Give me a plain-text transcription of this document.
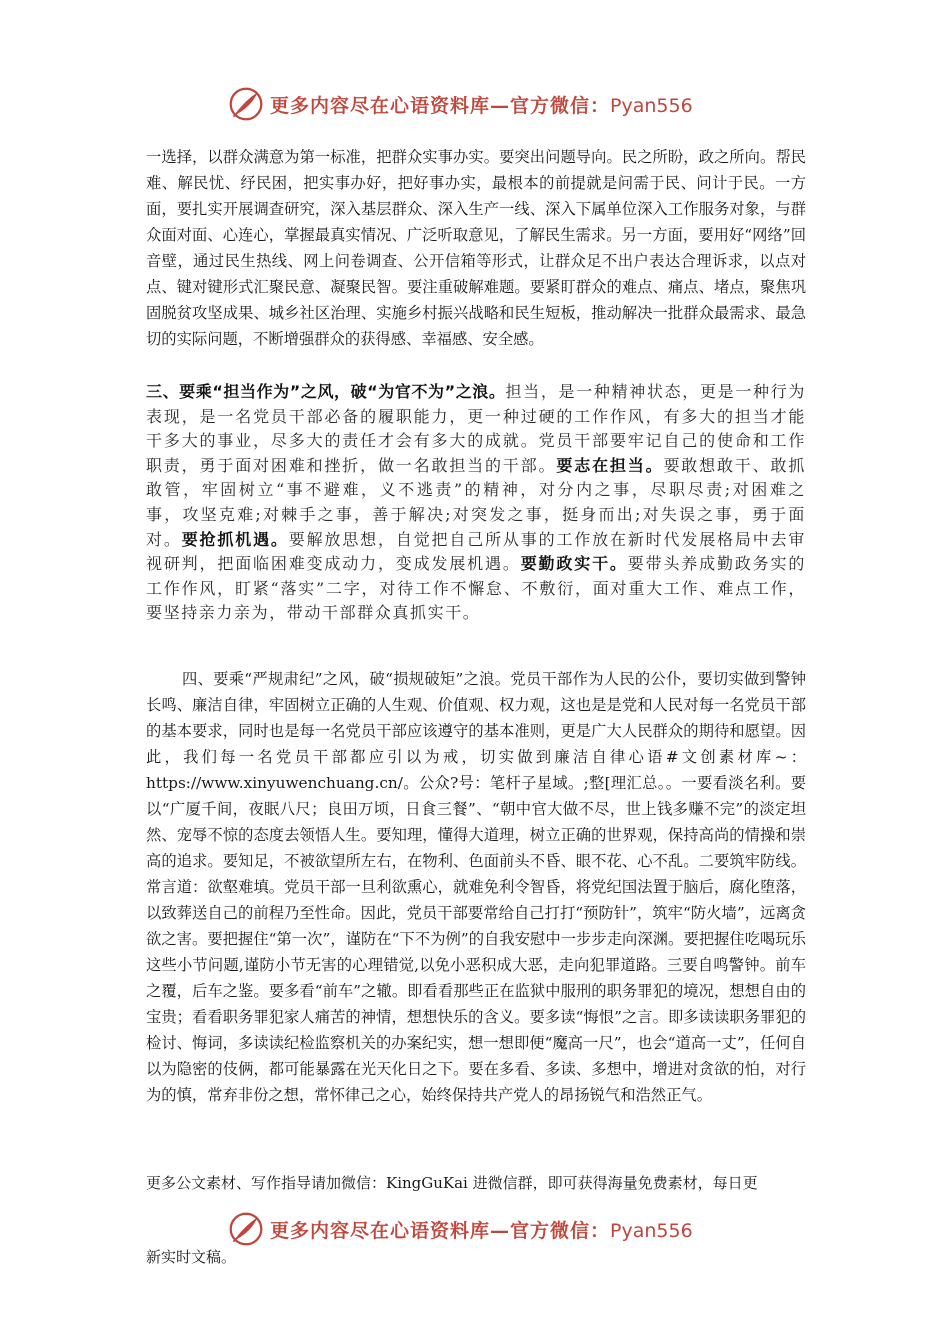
更多内容尽在心语资料库—官方微信：Pyan556

一选择，以群众满意为第一标准，把群众实事办实。要突出问题导向。民之所盼，政之所向。帮民难、解民忧、纾民困，把实事办好，把好事办实，最根本的前提就是问需于民、问计于民。一方面，要扎实开展调查研究，深入基层群众、深入生产一线、深入下属单位深入工作服务对象，与群众面对面、心连心，掌握最真实情况、广泛听取意见，了解民生需求。另一方面，要用好“网络”回音壁，通过民生热线、网上问卷调查、公开信箱等形式，让群众足不出户表达合理诉求，以点对点、键对键形式汇聚民意、凝聚民智。要注重破解难题。要紧盯群众的难点、痛点、堵点，聚焦巩固脱贫攻坚成果、城乡社区治理、实施乡村振兴战略和民生短板，推动解决一批群众最需求、最急切的实际问题，不断增强群众的获得感、幸福感、安全感。

三、要乘“担当作为”之风，破“为官不为”之浪。担当，是一种精神状态，更是一种行为表现，是一名党员干部必备的履职能力，更一种过硬的工作作风，有多大的担当才能干多大的事业，尽多大的责任才会有多大的成就。党员干部要牢记自己的使命和工作职责，勇于面对困难和挫折，做一名敢担当的干部。要志在担当。要敢想敢干、敢抓敢管，牢固树立“事不避难，义不逃责”的精神，对分内之事，尽职尽责;对困难之事，攻坚克难;对棘手之事，善于解决;对突发之事，挺身而出;对失误之事，勇于面对。要抢抓机遇。要解放思想，自觉把自己所从事的工作放在新时代发展格局中去审视研判，把面临困难变成动力，变成发展机遇。要勤政实干。要带头养成勤政务实的工作作风，盯紧“落实”二字，对待工作不懈怠、不敷衍，面对重大工作、难点工作，要坚持亲力亲为，带动干部群众真抓实干。

四、要乘“严规肃纪”之风，破“损规破矩”之浪。党员干部作为人民的公仆，要切实做到警钟长鸣、廉洁自律，牢固树立正确的人生观、价值观、权力观，这也是是党和人民对每一名党员干部的基本要求，同时也是每一名党员干部应该遵守的基本准则，更是广大人民群众的期待和愿望。因此，我们每一名党员干部都应引以为戒，切实做到廉洁自律心语#文创素材库~：https://www.xinyuwenchuang.cn/。公众?号：笔杆子星域。;整[理汇总。。一要看淡名利。要以“广厦千间，夜眠八尺；良田万顷，日食三餐”、“朝中官大做不尽，世上钱多赚不完”的淡定坦然、宠辱不惊的态度去领悟人生。要知理，懂得大道理，树立正确的世界观，保持高尚的情操和崇高的追求。要知足，不被欲望所左右，在物利、色面前头不昏、眼不花、心不乱。二要筑牢防线。常言道：欲壑难填。党员干部一旦利欲熏心，就难免利令智昏，将党纪国法置于脑后，腐化堕落，以致葬送自己的前程乃至性命。因此，党员干部要常给自己打打“预防针”，筑牢“防火墙”，远离贪欲之害。要把握住“第一次”，谨防在“下不为例”的自我安慰中一步步走向深渊。要把握住吃喝玩乐这些小节问题,谨防小节无害的心理错觉,以免小恶积成大恶，走向犯罪道路。三要自鸣警钟。前车之覆，后车之鉴。要多看“前车”之辙。即看看那些正在监狱中服刑的职务罪犯的境况，想想自由的宝贵；看看职务罪犯家人痛苦的神情，想想快乐的含义。要多读“悔恨”之言。即多读读职务罪犯的检讨、悔词，多读读纪检监察机关的办案纪实，想一想即便“魔高一尺”，也会“道高一丈”，任何自以为隐密的伎俩，都可能暴露在光天化日之下。要在多看、多读、多想中，增进对贪欲的怕，对行为的慎，常弃非份之想，常怀律己之心，始终保持共产党人的昂扬锐气和浩然正气。

更多公文素材、写作指导请加微信：KingGuKai 进微信群，即可获得海量免费素材，每日更

更多内容尽在心语资料库—官方微信：Pyan556

新实时文稿。
